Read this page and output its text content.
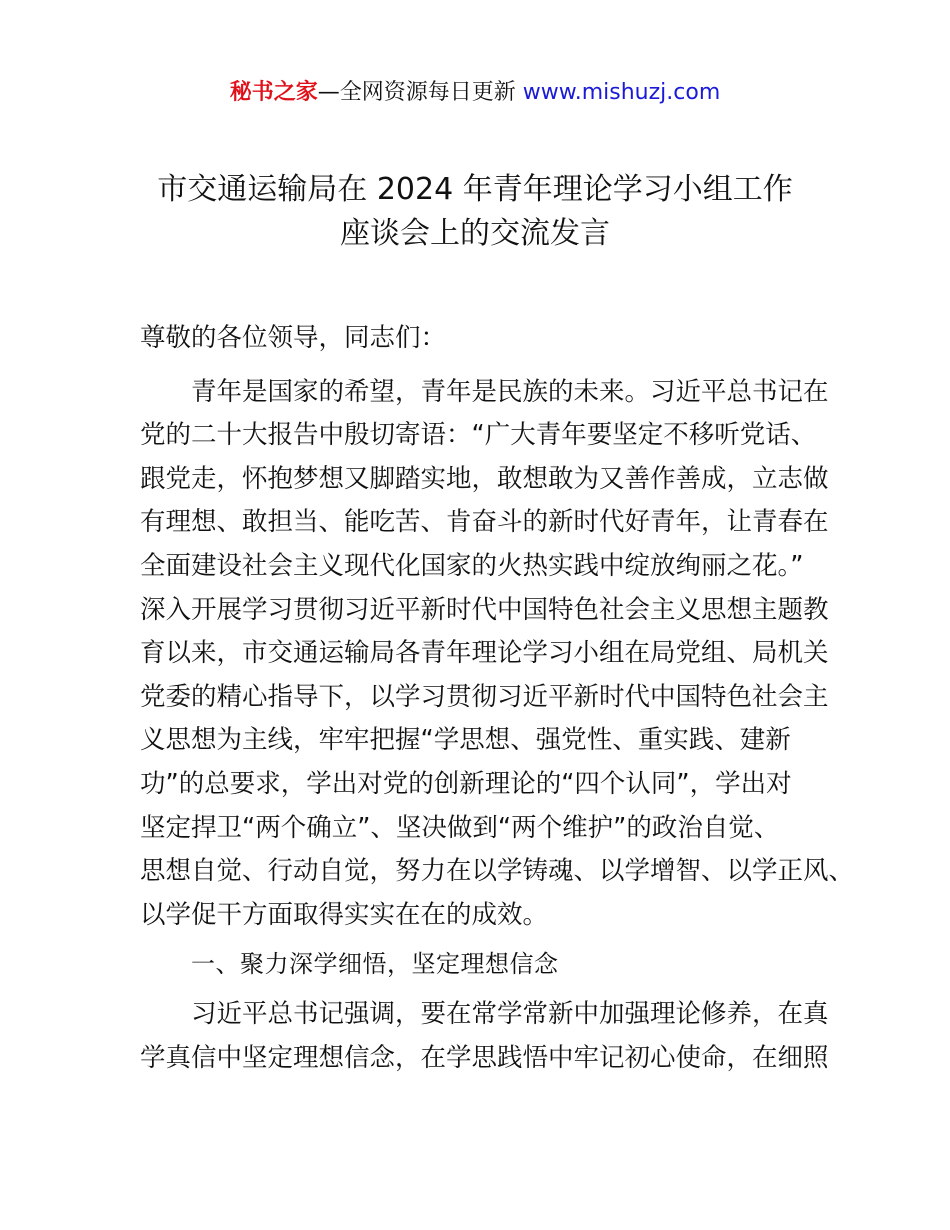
秘书之家—全网资源每日更新 www.mishuzj.com
市交通运输局在 2024 年青年理论学习小组工作
座谈会上的交流发言
尊敬的各位领导，同志们：
青年是国家的希望，青年是民族的未来。习近平总书记在
党的二十大报告中殷切寄语：“广大青年要坚定不移听党话、
跟党走，怀抱梦想又脚踏实地，敢想敢为又善作善成，立志做
有理想、敢担当、能吃苦、肯奋斗的新时代好青年，让青春在
全面建设社会主义现代化国家的火热实践中绽放绚丽之花。”
深入开展学习贯彻习近平新时代中国特色社会主义思想主题教
育以来，市交通运输局各青年理论学习小组在局党组、局机关
党委的精心指导下，以学习贯彻习近平新时代中国特色社会主
义思想为主线，牢牢把握“学思想、强党性、重实践、建新
功”的总要求，学出对党的创新理论的“四个认同”，学出对
坚定捍卫“两个确立”、坚决做到“两个维护”的政治自觉、
思想自觉、行动自觉，努力在以学铸魂、以学增智、以学正风、
以学促干方面取得实实在在的成效。
一、聚力深学细悟，坚定理想信念
习近平总书记强调，要在常学常新中加强理论修养，在真
学真信中坚定理想信念，在学思践悟中牢记初心使命，在细照
